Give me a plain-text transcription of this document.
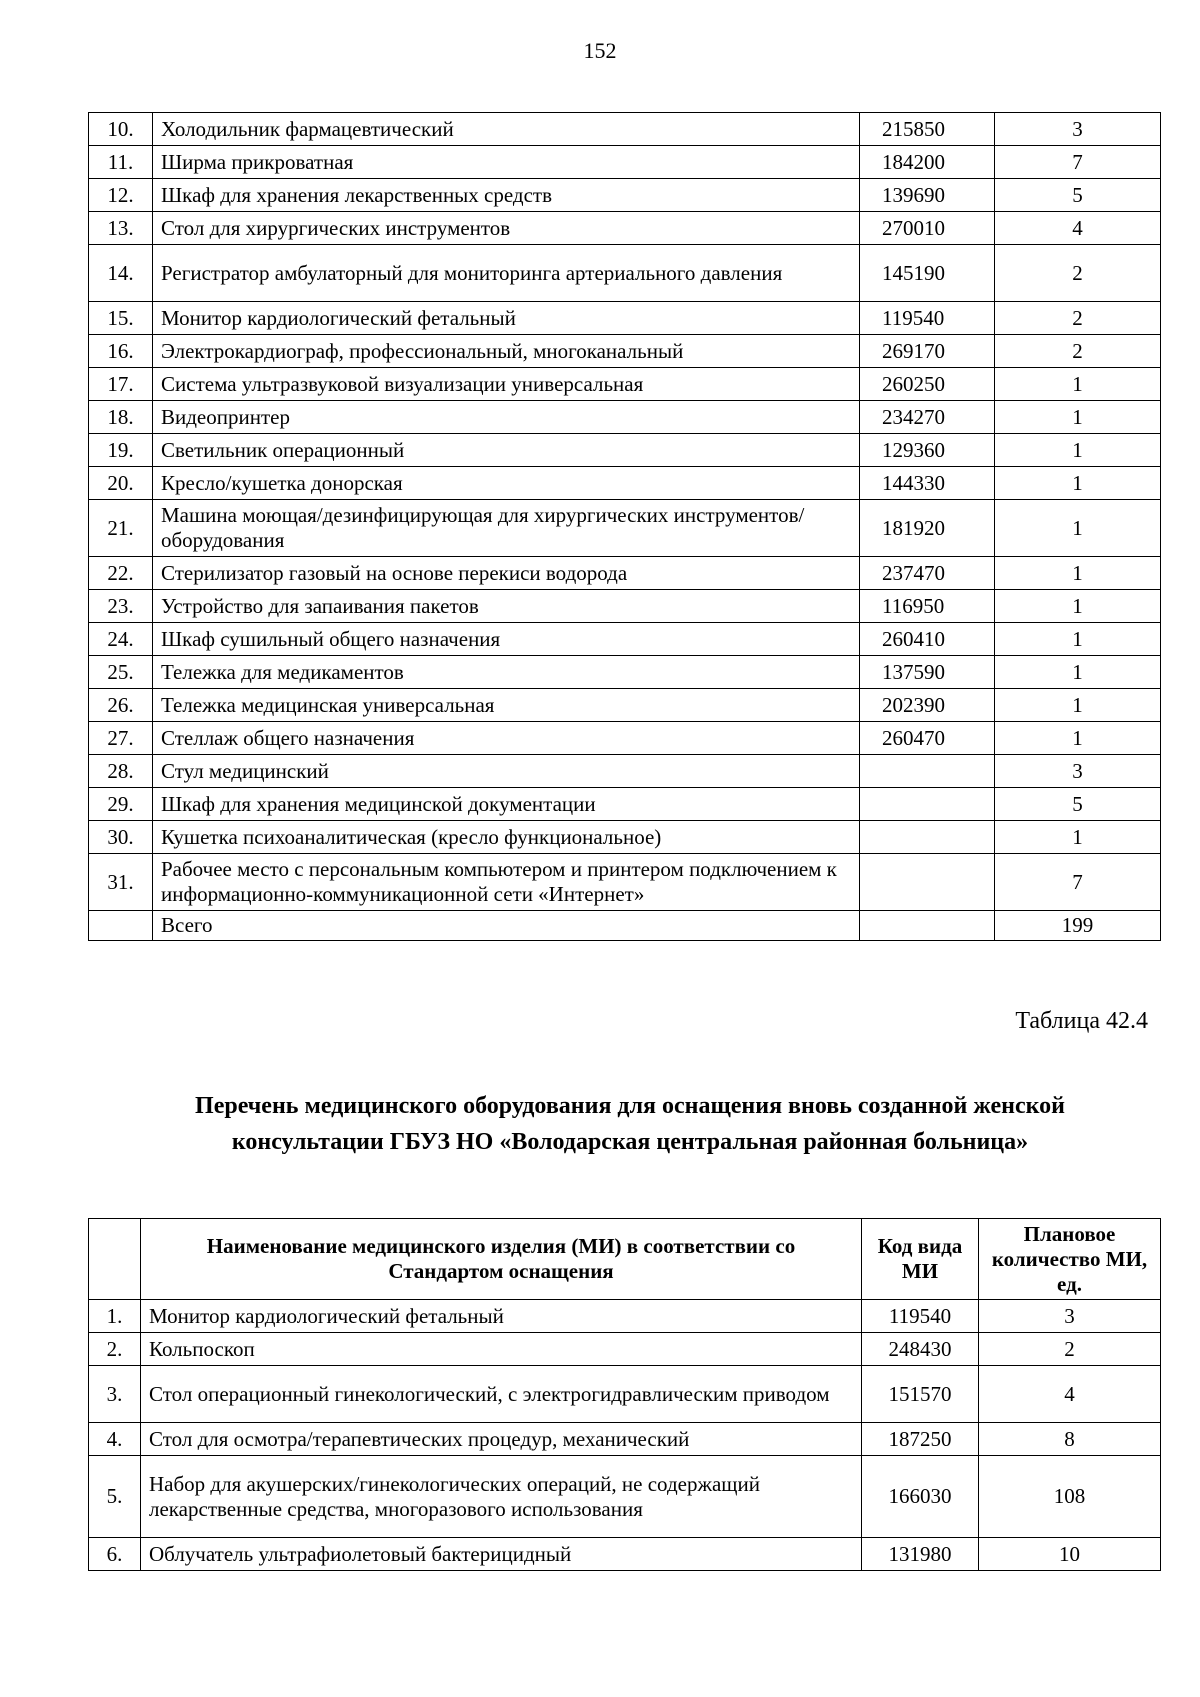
152
10.	Холодильник фармацевтический	215850	3
11.	Ширма прикроватная	184200	7
12.	Шкаф для хранения лекарственных средств	139690	5
13.	Стол для хирургических инструментов	270010	4
14.	Регистратор амбулаторный для мониторинга артериального давления	145190	2
15.	Монитор кардиологический фетальный	119540	2
16.	Электрокардиограф, профессиональный, многоканальный	269170	2
17.	Система ультразвуковой визуализации универсальная	260250	1
18.	Видеопринтер	234270	1
19.	Светильник операционный	129360	1
20.	Кресло/кушетка донорская	144330	1
21.	Машина моющая/дезинфицирующая для хирургических инструментов/оборудования	181920	1
22.	Стерилизатор газовый на основе перекиси водорода	237470	1
23.	Устройство для запаивания пакетов	116950	1
24.	Шкаф сушильный общего назначения	260410	1
25.	Тележка для медикаментов	137590	1
26.	Тележка медицинская универсальная	202390	1
27.	Стеллаж общего назначения	260470	1
28.	Стул медицинский		3
29.	Шкаф для хранения медицинской документации		5
30.	Кушетка психоаналитическая (кресло функциональное)		1
31.	Рабочее место с персональным компьютером и принтером подключением к информационно-коммуникационной сети «Интернет»		7
	Всего		199
Таблица 42.4
Перечень медицинского оборудования для оснащения вновь созданной женской консультации ГБУЗ НО «Володарская центральная районная больница»
	Наименование медицинского изделия (МИ) в соответствии со Стандартом оснащения	Код вида МИ	Плановое количество МИ, ед.
1.	Монитор кардиологический фетальный	119540	3
2.	Кольпоскоп	248430	2
3.	Стол операционный гинекологический, с электрогидравлическим приводом	151570	4
4.	Стол для осмотра/терапевтических процедур, механический	187250	8
5.	Набор для акушерских/гинекологических операций, не содержащий лекарственные средства, многоразового использования	166030	108
6.	Облучатель ультрафиолетовый бактерицидный	131980	10
